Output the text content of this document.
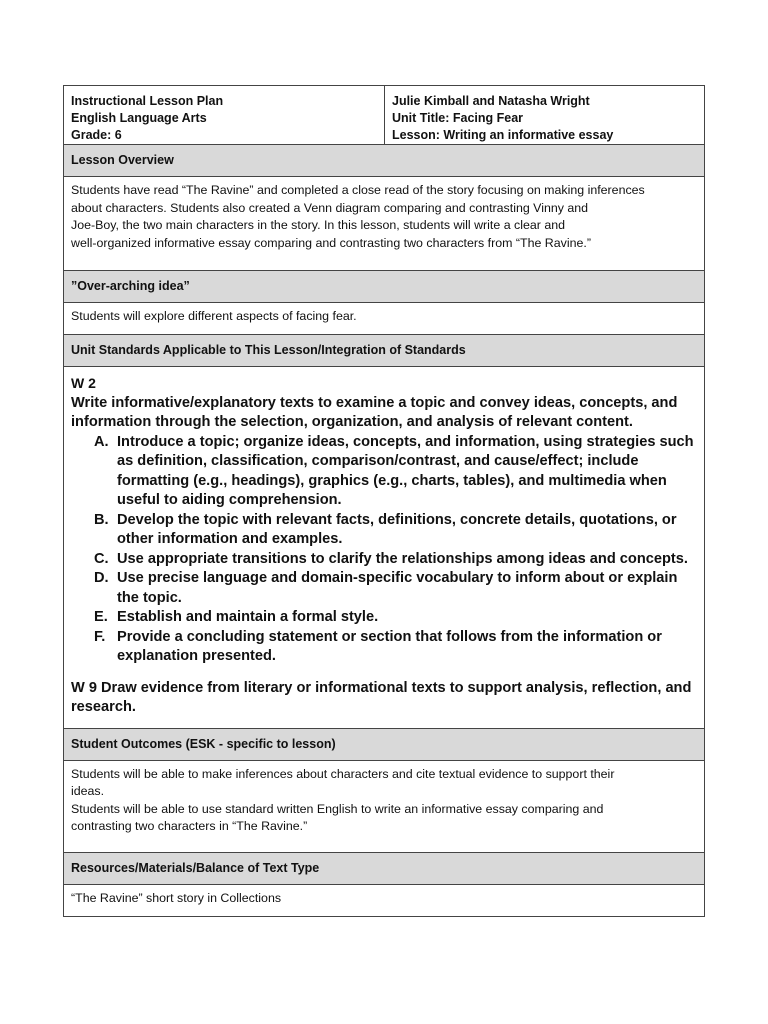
Instructional Lesson Plan
English Language Arts
Grade: 6

Julie Kimball and Natasha Wright
Unit Title: Facing Fear
Lesson: Writing an informative essay

Lesson Overview

Students have read “The Ravine” and completed a close read of the story focusing on making inferences
about characters. Students also created a Venn diagram comparing and contrasting Vinny and
Joe-Boy, the two main characters in the story. In this lesson, students will write a clear and
well-organized informative essay comparing and contrasting two characters from “The Ravine.”

”Over-arching idea”

Students will explore different aspects of facing fear.

Unit Standards Applicable to This Lesson/Integration of Standards

W 2
Write informative/explanatory texts to examine a topic and convey ideas, concepts, and information through the selection, organization, and analysis of relevant content.
A. Introduce a topic; organize ideas, concepts, and information, using strategies such as definition, classification, comparison/contrast, and cause/effect; include formatting (e.g., headings), graphics (e.g., charts, tables), and multimedia when useful to aiding comprehension.
B. Develop the topic with relevant facts, definitions, concrete details, quotations, or other information and examples.
C. Use appropriate transitions to clarify the relationships among ideas and concepts.
D. Use precise language and domain-specific vocabulary to inform about or explain the topic.
E. Establish and maintain a formal style.
F. Provide a concluding statement or section that follows from the information or explanation presented.
W 9 Draw evidence from literary or informational texts to support analysis, reflection, and research.

Student Outcomes (ESK - specific to lesson)

Students will be able to make inferences about characters and cite textual evidence to support their
ideas.
Students will be able to use standard written English to write an informative essay comparing and
contrasting two characters in “The Ravine.”

Resources/Materials/Balance of Text Type

“The Ravine” short story in Collections
